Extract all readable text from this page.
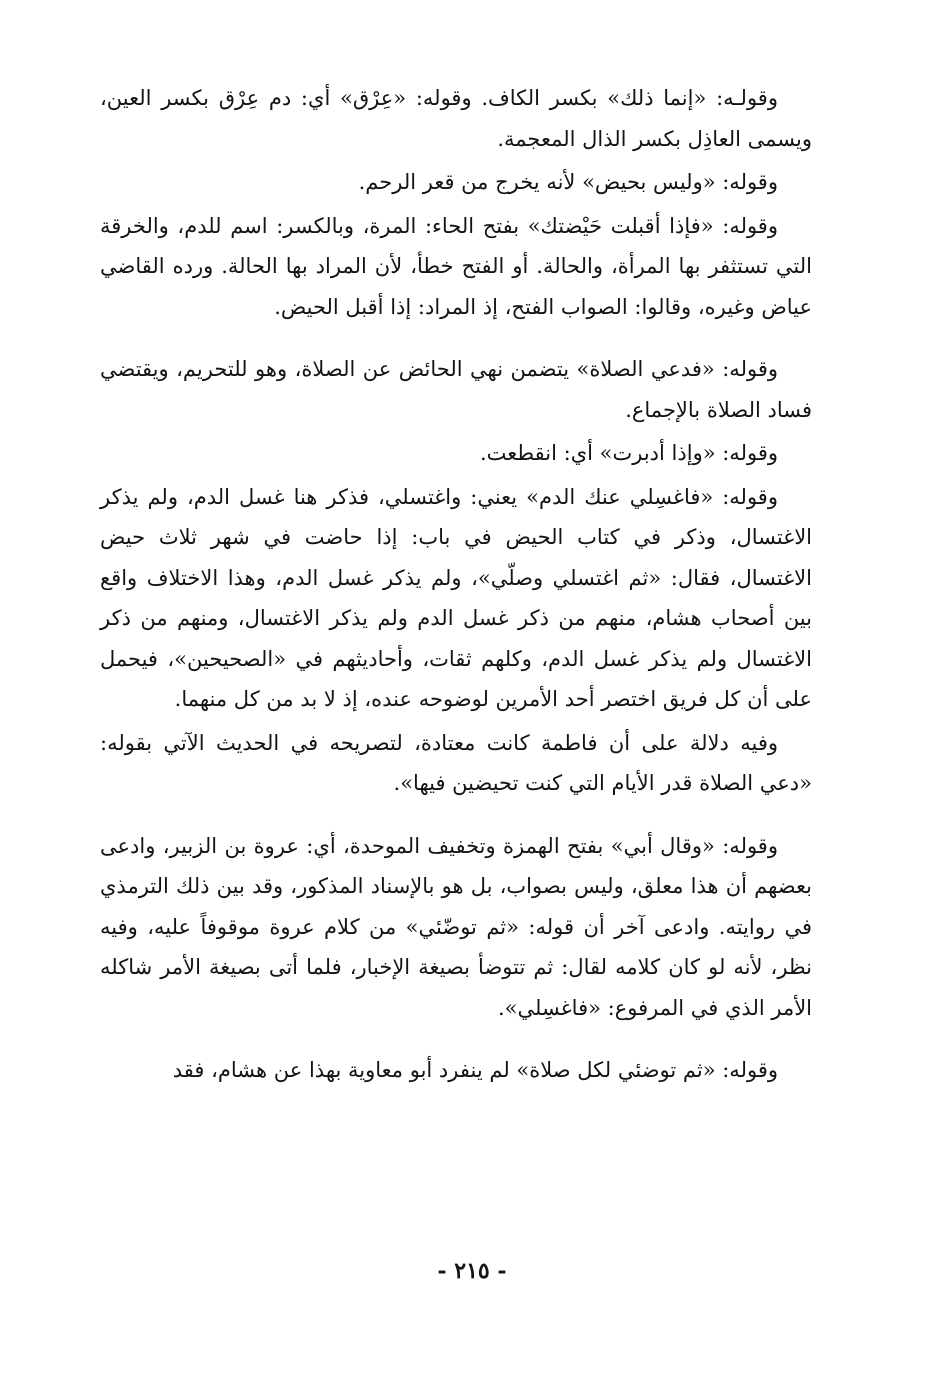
وقولـه: «إنما ذلك» بكسر الكاف. وقوله: «عِرْق» أي: دم عِرْق بكسر العين، ويسمى العاذِل بكسر الذال المعجمة.

وقوله: «وليس بحيض» لأنه يخرج من قعر الرحم.

وقوله: «فإذا أقبلت حَيْضتك» بفتح الحاء: المرة، وبالكسر: اسم للدم، والخرقة التي تستثفر بها المرأة، والحالة. أو الفتح خطأ، لأن المراد بها الحالة. ورده القاضي عياض وغيره، وقالوا: الصواب الفتح، إذ المراد: إذا أقبل الحيض.

وقوله: «فدعي الصلاة» يتضمن نهي الحائض عن الصلاة، وهو للتحريم، ويقتضي فساد الصلاة بالإجماع.

وقوله: «وإذا أدبرت» أي: انقطعت.

وقوله: «فاغسِلي عنك الدم» يعني: واغتسلي، فذكر هنا غسل الدم، ولم يذكر الاغتسال، وذكر في كتاب الحيض في باب: إذا حاضت في شهر ثلاث حيض الاغتسال، فقال: «ثم اغتسلي وصلّي»، ولم يذكر غسل الدم، وهذا الاختلاف واقع بين أصحاب هشام، منهم من ذكر غسل الدم ولم يذكر الاغتسال، ومنهم من ذكر الاغتسال ولم يذكر غسل الدم، وكلهم ثقات، وأحاديثهم في «الصحيحين»، فيحمل على أن كل فريق اختصر أحد الأمرين لوضوحه عنده، إذ لا بد من كل منهما.

وفيه دلالة على أن فاطمة كانت معتادة، لتصريحه في الحديث الآتي بقوله: «دعي الصلاة قدر الأيام التي كنت تحيضين فيها».

وقوله: «وقال أبي» بفتح الهمزة وتخفيف الموحدة، أي: عروة بن الزبير، وادعى بعضهم أن هذا معلق، وليس بصواب، بل هو بالإسناد المذكور، وقد بين ذلك الترمذي في روايته. وادعى آخر أن قوله: «ثم توضّئي» من كلام عروة موقوفاً عليه، وفيه نظر، لأنه لو كان كلامه لقال: ثم تتوضأ بصيغة الإخبار، فلما أتى بصيغة الأمر شاكله الأمر الذي في المرفوع: «فاغسِلي».

وقوله: «ثم توضئي لكل صلاة» لم ينفرد أبو معاوية بهذا عن هشام، فقد

- ٢١٥ -
